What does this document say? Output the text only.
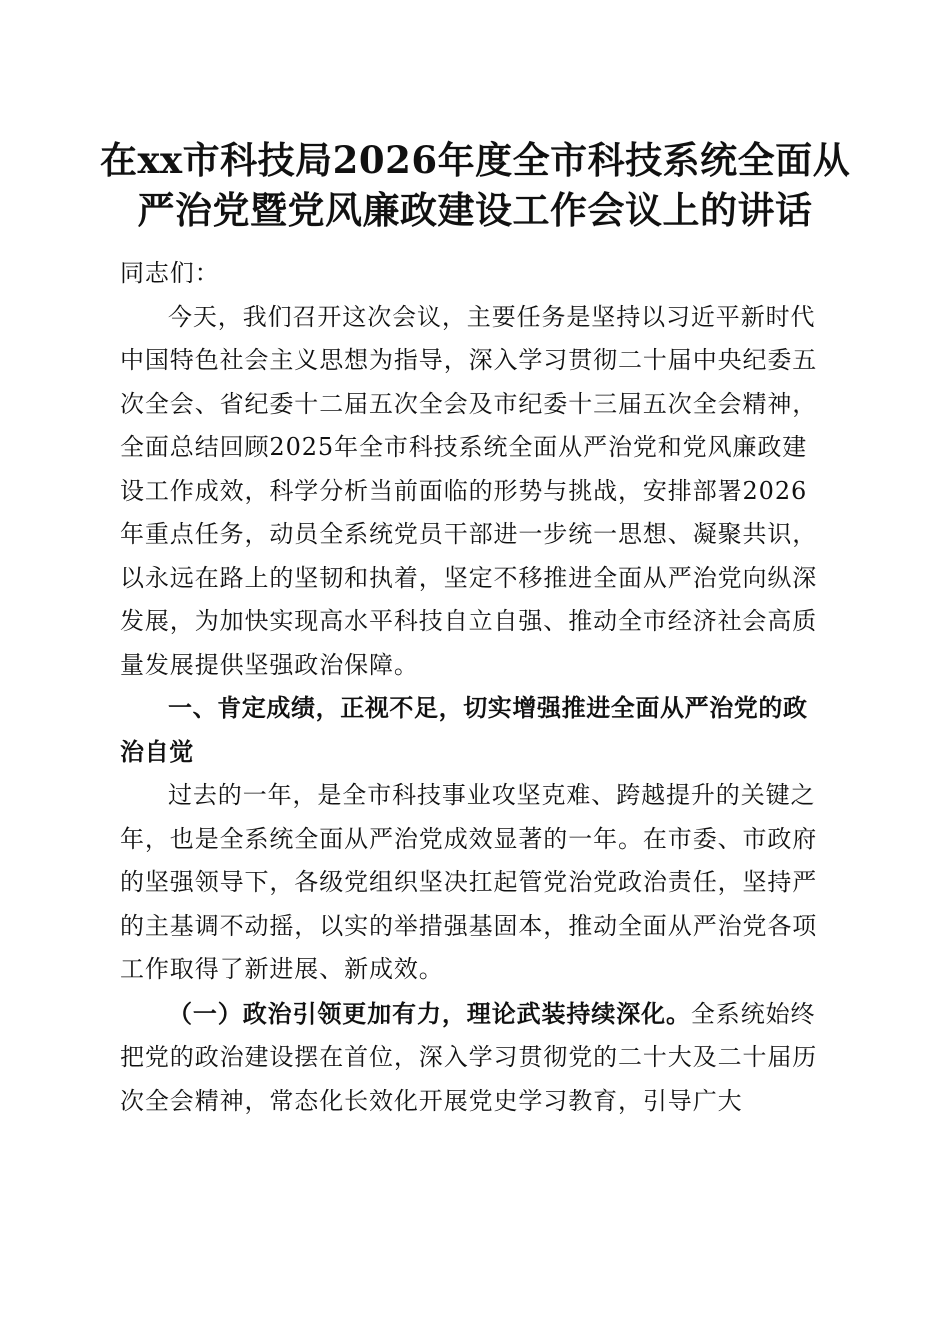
在xx市科技局2026年度全市科技系统全面从
严治党暨党风廉政建设工作会议上的讲话

同志们：

今天，我们召开这次会议，主要任务是坚持以习近平新时代中国特色社会主义思想为指导，深入学习贯彻二十届中央纪委五次全会、省纪委十二届五次全会及市纪委十三届五次全会精神，全面总结回顾2025年全市科技系统全面从严治党和党风廉政建设工作成效，科学分析当前面临的形势与挑战，安排部署2026年重点任务，动员全系统党员干部进一步统一思想、凝聚共识，以永远在路上的坚韧和执着，坚定不移推进全面从严治党向纵深发展，为加快实现高水平科技自立自强、推动全市经济社会高质量发展提供坚强政治保障。

一、肯定成绩，正视不足，切实增强推进全面从严治党的政治自觉

过去的一年，是全市科技事业攻坚克难、跨越提升的关键之年，也是全系统全面从严治党成效显著的一年。在市委、市政府的坚强领导下，各级党组织坚决扛起管党治党政治责任，坚持严的主基调不动摇，以实的举措强基固本，推动全面从严治党各项工作取得了新进展、新成效。

（一）政治引领更加有力，理论武装持续深化。全系统始终把党的政治建设摆在首位，深入学习贯彻党的二十大及二十届历次全会精神，常态化长效化开展党史学习教育，引导广大
